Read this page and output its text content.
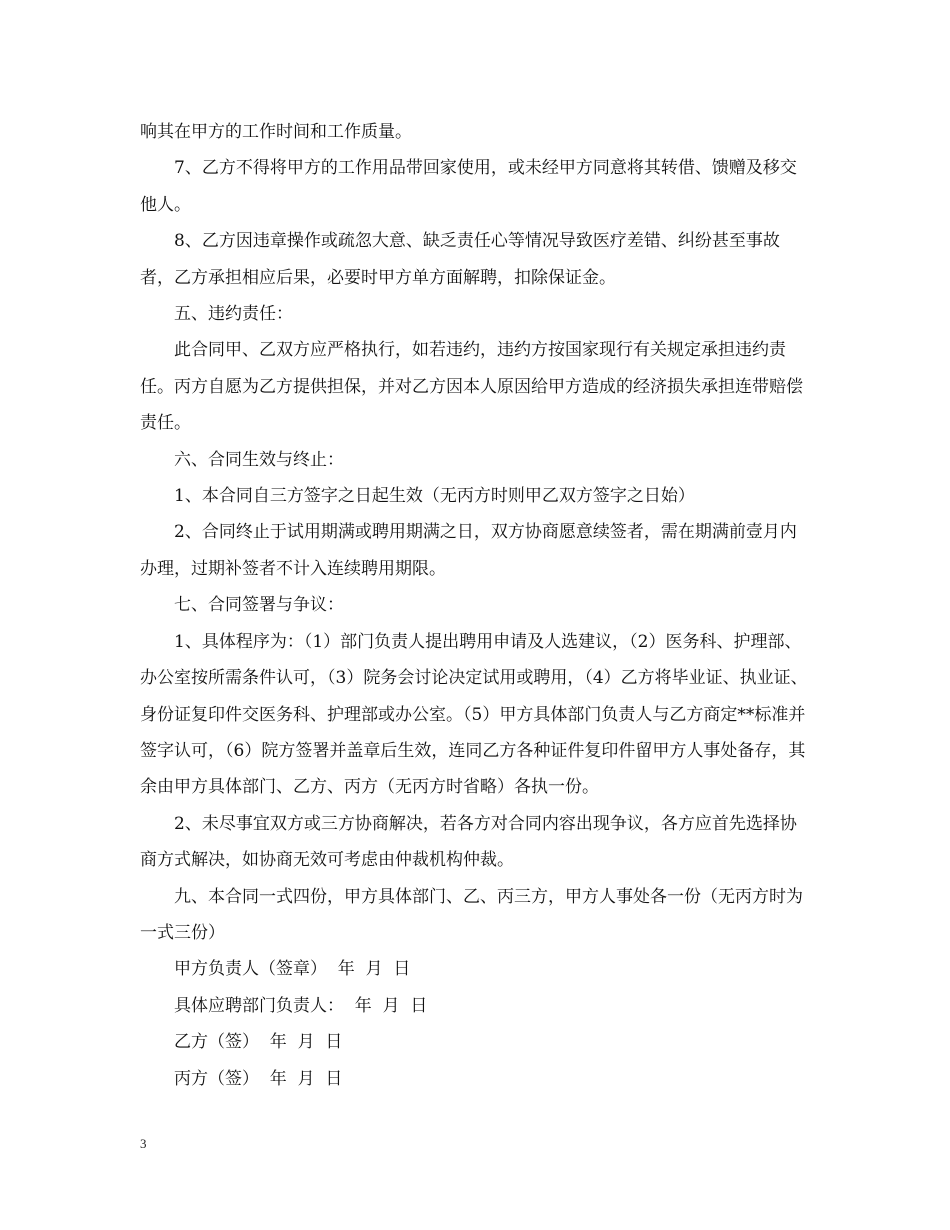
响其在甲方的工作时间和工作质量。

7、乙方不得将甲方的工作用品带回家使用，或未经甲方同意将其转借、馈赠及移交他人。

8、乙方因违章操作或疏忽大意、缺乏责任心等情况导致医疗差错、纠纷甚至事故者，乙方承担相应后果，必要时甲方单方面解聘，扣除保证金。

五、违约责任：

此合同甲、乙双方应严格执行，如若违约，违约方按国家现行有关规定承担违约责任。丙方自愿为乙方提供担保，并对乙方因本人原因给甲方造成的经济损失承担连带赔偿责任。

六、合同生效与终止：

1、本合同自三方签字之日起生效（无丙方时则甲乙双方签字之日始）

2、合同终止于试用期满或聘用期满之日，双方协商愿意续签者，需在期满前壹月内办理，过期补签者不计入连续聘用期限。

七、合同签署与争议：

1、具体程序为：（1）部门负责人提出聘用申请及人选建议，（2）医务科、护理部、办公室按所需条件认可，（3）院务会讨论决定试用或聘用，（4）乙方将毕业证、执业证、身份证复印件交医务科、护理部或办公室。（5）甲方具体部门负责人与乙方商定**标准并签字认可，（6）院方签署并盖章后生效，连同乙方各种证件复印件留甲方人事处备存，其余由甲方具体部门、乙方、丙方（无丙方时省略）各执一份。

2、未尽事宜双方或三方协商解决，若各方对合同内容出现争议，各方应首先选择协商方式解决，如协商无效可考虑由仲裁机构仲裁。

九、本合同一式四份，甲方具体部门、乙、丙三方，甲方人事处各一份（无丙方时为一式三份）

甲方负责人（签章）  年  月  日

具体应聘部门负责人：  年  月  日

乙方（签）  年  月  日

丙方（签）  年  月  日

3
